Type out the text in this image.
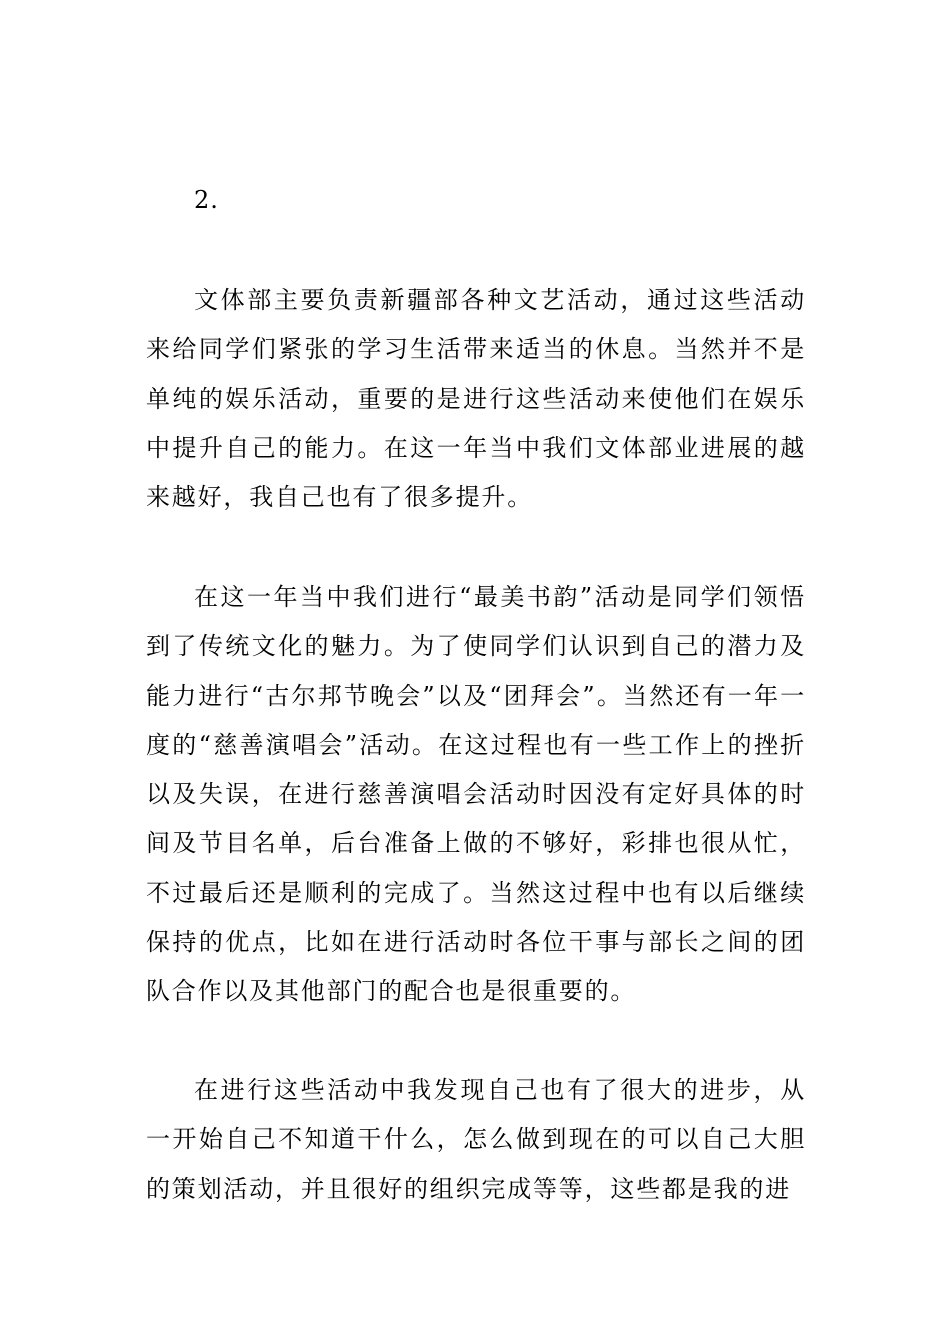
2.

文体部主要负责新疆部各种文艺活动，通过这些活动来给同学们紧张的学习生活带来适当的休息。当然并不是单纯的娱乐活动，重要的是进行这些活动来使他们在娱乐中提升自己的能力。在这一年当中我们文体部业进展的越来越好，我自己也有了很多提升。

在这一年当中我们进行“最美书韵”活动是同学们领悟到了传统文化的魅力。为了使同学们认识到自己的潜力及能力进行“古尔邦节晚会”以及“团拜会”。当然还有一年一度的“慈善演唱会”活动。在这过程也有一些工作上的挫折以及失误，在进行慈善演唱会活动时因没有定好具体的时间及节目名单，后台准备上做的不够好，彩排也很从忙，不过最后还是顺利的完成了。当然这过程中也有以后继续保持的优点，比如在进行活动时各位干事与部长之间的团队合作以及其他部门的配合也是很重要的。

在进行这些活动中我发现自己也有了很大的进步，从一开始自己不知道干什么，怎么做到现在的可以自己大胆的策划活动，并且很好的组织完成等等，这些都是我的进
